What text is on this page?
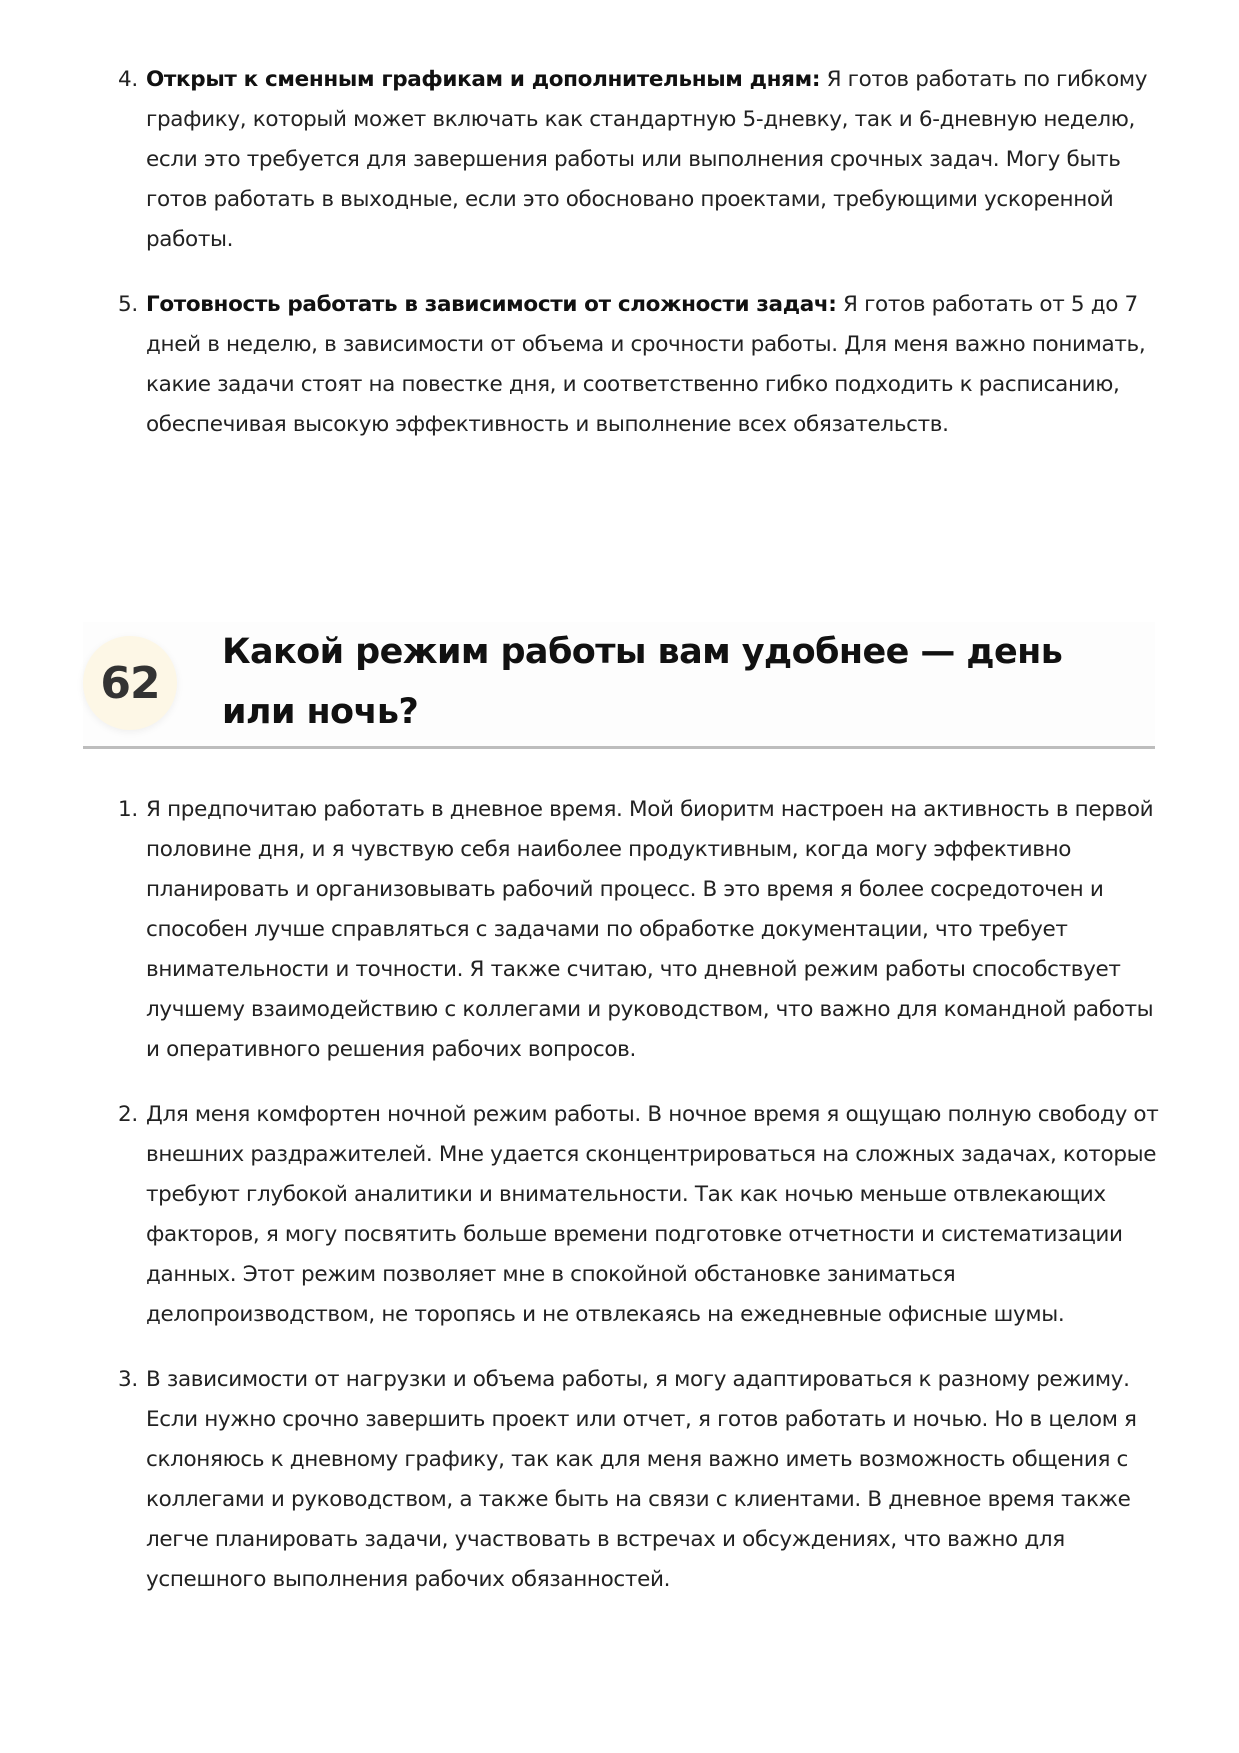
4. Открыт к сменным графикам и дополнительным дням: Я готов работать по гибкому графику, который может включать как стандартную 5-дневку, так и 6-дневную неделю, если это требуется для завершения работы или выполнения срочных задач. Могу быть готов работать в выходные, если это обосновано проектами, требующими ускоренной работы.
5. Готовность работать в зависимости от сложности задач: Я готов работать от 5 до 7 дней в неделю, в зависимости от объема и срочности работы. Для меня важно понимать, какие задачи стоят на повестке дня, и соответственно гибко подходить к расписанию, обеспечивая высокую эффективность и выполнение всех обязательств.
62
Какой режим работы вам удобнее — день или ночь?
1. Я предпочитаю работать в дневное время. Мой биоритм настроен на активность в первой половине дня, и я чувствую себя наиболее продуктивным, когда могу эффективно планировать и организовывать рабочий процесс. В это время я более сосредоточен и способен лучше справляться с задачами по обработке документации, что требует внимательности и точности. Я также считаю, что дневной режим работы способствует лучшему взаимодействию с коллегами и руководством, что важно для командной работы и оперативного решения рабочих вопросов.
2. Для меня комфортен ночной режим работы. В ночное время я ощущаю полную свободу от внешних раздражителей. Мне удается сконцентрироваться на сложных задачах, которые требуют глубокой аналитики и внимательности. Так как ночью меньше отвлекающих факторов, я могу посвятить больше времени подготовке отчетности и систематизации данных. Этот режим позволяет мне в спокойной обстановке заниматься делопроизводством, не торопясь и не отвлекаясь на ежедневные офисные шумы.
3. В зависимости от нагрузки и объема работы, я могу адаптироваться к разному режиму. Если нужно срочно завершить проект или отчет, я готов работать и ночью. Но в целом я склоняюсь к дневному графику, так как для меня важно иметь возможность общения с коллегами и руководством, а также быть на связи с клиентами. В дневное время также легче планировать задачи, участвовать в встречах и обсуждениях, что важно для успешного выполнения рабочих обязанностей.
